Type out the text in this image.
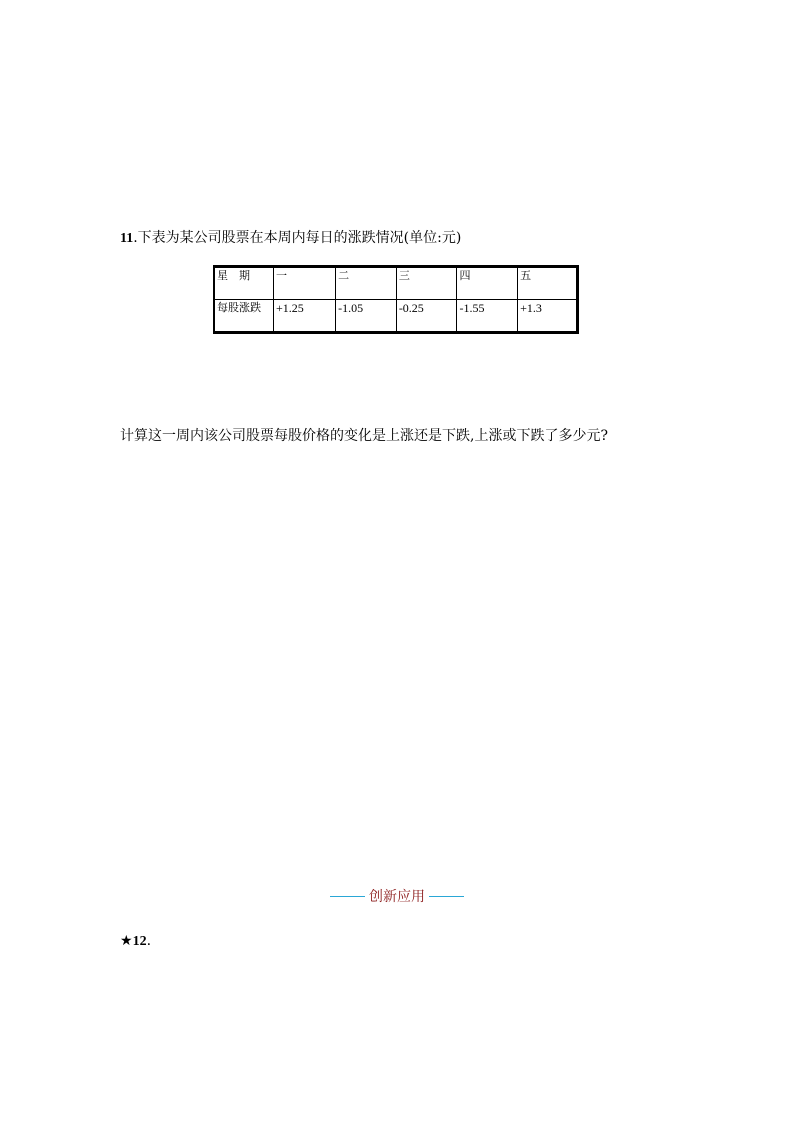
11.下表为某公司股票在本周内每日的涨跌情况(单位:元)
星　期	一	二	三	四	五
每股涨跌	+1.25	-1.05	-0.25	-1.55	+1.3
计算这一周内该公司股票每股价格的变化是上涨还是下跌,上涨或下跌了多少元?
创新应用
★12.
